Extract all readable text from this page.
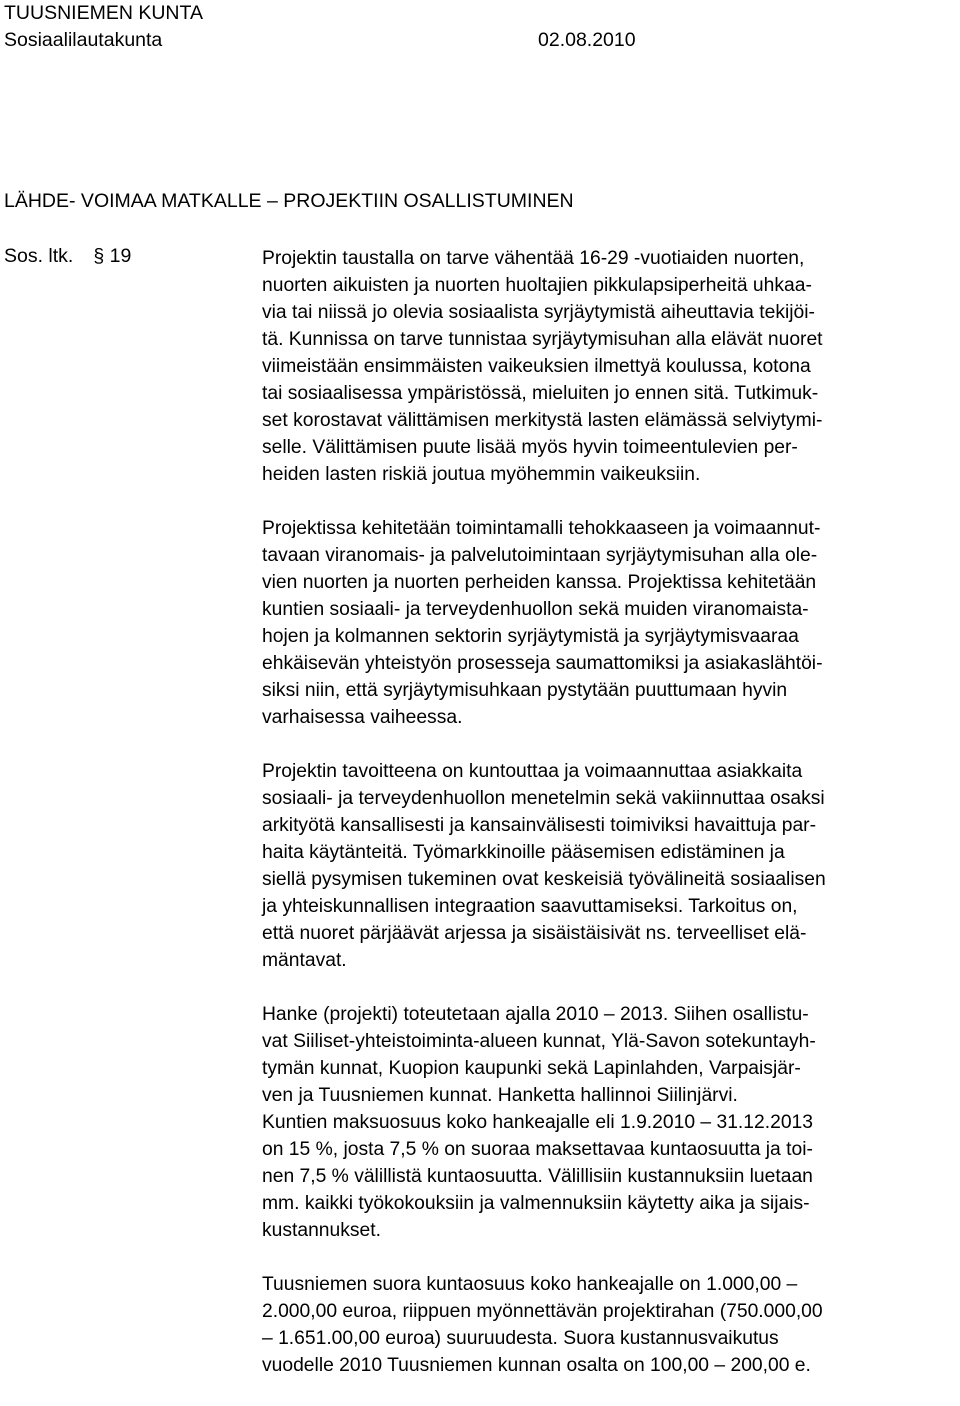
TUUSNIEMEN KUNTA
Sosiaalilautakunta	02.08.2010
LÄHDE- VOIMAA MATKALLE – PROJEKTIIN OSALLISTUMINEN
Sos. ltk. § 19	Projektin taustalla on tarve vähentää 16-29 -vuotiaiden nuorten,
nuorten aikuisten ja nuorten huoltajien pikkulapsiperheitä uhkaa-
via tai niissä jo olevia sosiaalista syrjäytymistä aiheuttavia tekijöi-
tä. Kunnissa on tarve tunnistaa syrjäytymisuhan alla elävät nuoret
viimeistään ensimmäisten vaikeuksien ilmettyä koulussa, kotona
tai sosiaalisessa ympäristössä, mieluiten jo ennen sitä. Tutkimuk-
set korostavat välittämisen merkitystä lasten elämässä selviytymi-
selle. Välittämisen puute lisää myös hyvin toimeentulevien per-
heiden lasten riskiä joutua myöhemmin vaikeuksiin.
Projektissa kehitetään toimintamalli tehokkaaseen ja voimaannut-
tavaan viranomais- ja palvelutoimintaan syrjäytymisuhan alla ole-
vien nuorten ja nuorten perheiden kanssa. Projektissa kehitetään
kuntien sosiaali- ja terveydenhuollon sekä muiden viranomaista-
hojen ja kolmannen sektorin syrjäytymistä ja syrjäytymisvaaraa
ehkäisevän yhteistyön prosesseja saumattomiksi ja asiakaslähtöi-
siksi niin, että syrjäytymisuhkaan pystytään puuttumaan hyvin
varhaisessa vaiheessa.
Projektin tavoitteena on kuntouttaa ja voimaannuttaa asiakkaita
sosiaali- ja terveydenhuollon menetelmin sekä vakiinnuttaa osaksi
arkityötä kansallisesti ja kansainvälisesti toimiviksi havaittuja par-
haita käytänteitä. Työmarkkinoille pääsemisen edistäminen ja
siellä pysymisen tukeminen ovat keskeisiä työvälineitä sosiaalisen
ja yhteiskunnallisen integraation saavuttamiseksi. Tarkoitus on,
että nuoret pärjäävät arjessa ja sisäistäisivät ns. terveelliset elä-
mäntavat.
Hanke (projekti) toteutetaan ajalla 2010 – 2013. Siihen osallistu-
vat Siiliset-yhteistoiminta-alueen kunnat, Ylä-Savon sotekuntayh-
tymän kunnat, Kuopion kaupunki sekä Lapinlahden, Varpaisjär-
ven ja Tuusniemen kunnat. Hanketta hallinnoi Siilinjärvi.
Kuntien maksuosuus koko hankeajalle eli 1.9.2010 – 31.12.2013
on 15 %, josta 7,5 % on suoraa maksettavaa kuntaosuutta ja toi-
nen 7,5 % välillistä kuntaosuutta. Välillisiin kustannuksiin luetaan
mm. kaikki työkokouksiin ja valmennuksiin käytetty aika ja sijais-
kustannukset.
Tuusniemen suora kuntaosuus koko hankeajalle on 1.000,00 –
2.000,00 euroa, riippuen myönnettävän projektirahan (750.000,00
– 1.651.00,00 euroa) suuruudesta. Suora kustannusvaikutus
vuodelle 2010 Tuusniemen kunnan osalta on 100,00 – 200,00 e.
